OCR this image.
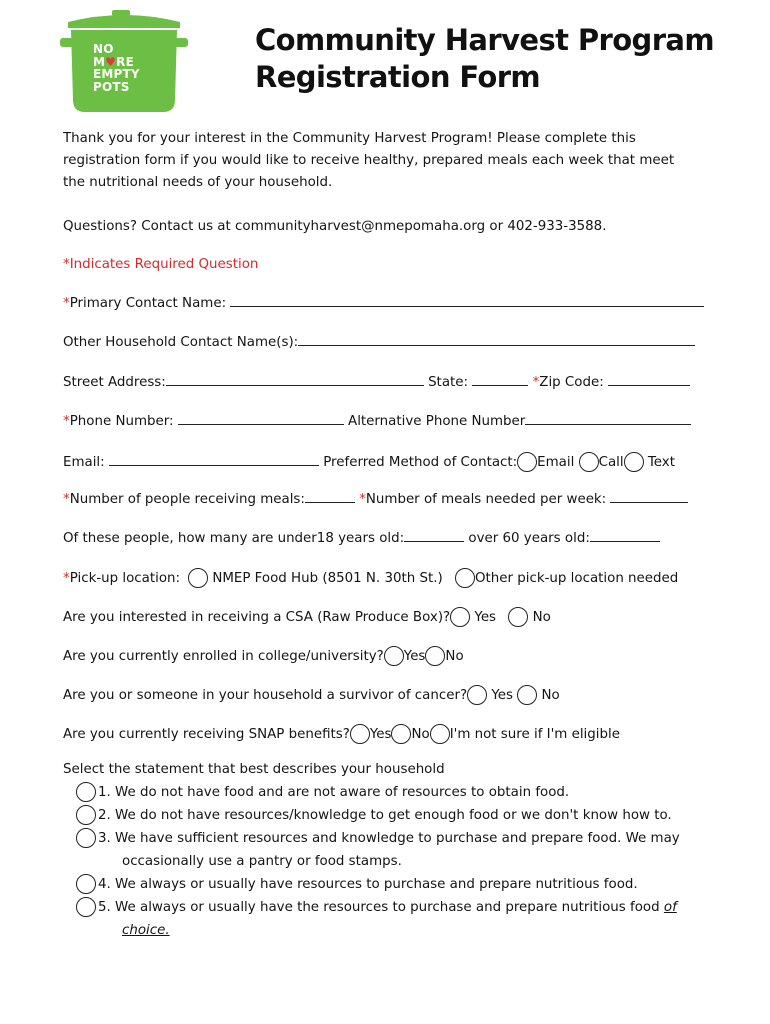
NO
M♥RE
EMPTY
POTS
Community Harvest Program
Registration Form
Thank you for your interest in the Community Harvest Program! Please complete this
registration form if you would like to receive healthy, prepared meals each week that meet
the nutritional needs of your household.
Questions? Contact us at communityharvest@nmepomaha.org or 402-933-3588.
*Indicates Required Question
*Primary Contact Name:
Other Household Contact Name(s):
Street Address:	State:	*Zip Code:
*Phone Number:	Alternative Phone Number
Email:	Preferred Method of Contact: Email Call Text
*Number of people receiving meals:	*Number of meals needed per week:
Of these people, how many are under18 years old:	over 60 years old:
*Pick-up location: NMEP Food Hub (8501 N. 30th St.) Other pick-up location needed
Are you interested in receiving a CSA (Raw Produce Box)? Yes	No
Are you currently enrolled in college/university? Yes No
Are you or someone in your household a survivor of cancer? Yes No
Are you currently receiving SNAP benefits? Yes No I'm not sure if I'm eligible
Select the statement that best describes your household
1. We do not have food and are not aware of resources to obtain food.
2. We do not have resources/knowledge to get enough food or we don't know how to.
3. We have sufficient resources and knowledge to purchase and prepare food. We may
occasionally use a pantry or food stamps.
4. We always or usually have resources to purchase and prepare nutritious food.
5. We always or usually have the resources to purchase and prepare nutritious food of
choice.
